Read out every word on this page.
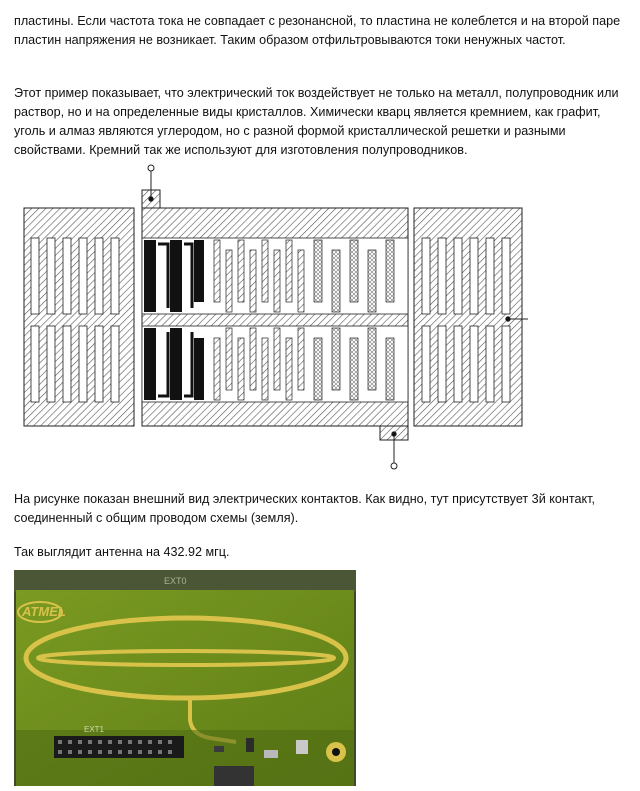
пластины. Если частота тока не совпадает с резонансной, то пластина не колеблется и на второй паре пластин напряжения не возникает. Таким образом отфильтровываются токи ненужных частот.

Этот пример показывает, что электрический ток воздействует не только на металл, полупроводник или раствор, но и на определенные виды кристаллов. Химически кварц является кремнием, как графит, уголь и алмаз являются углеродом, но с разной формой кристаллической решетки и разными свойствами. Кремний так же используют для изготовления полупроводников.

На рисунке показан внешний вид электрических контактов. Как видно, тут присутствует 3й контакт, соединенный с общим проводом схемы (земля).

Так выглядит антенна на 432.92 мгц.

EXT0
ATMEL
EXT1
